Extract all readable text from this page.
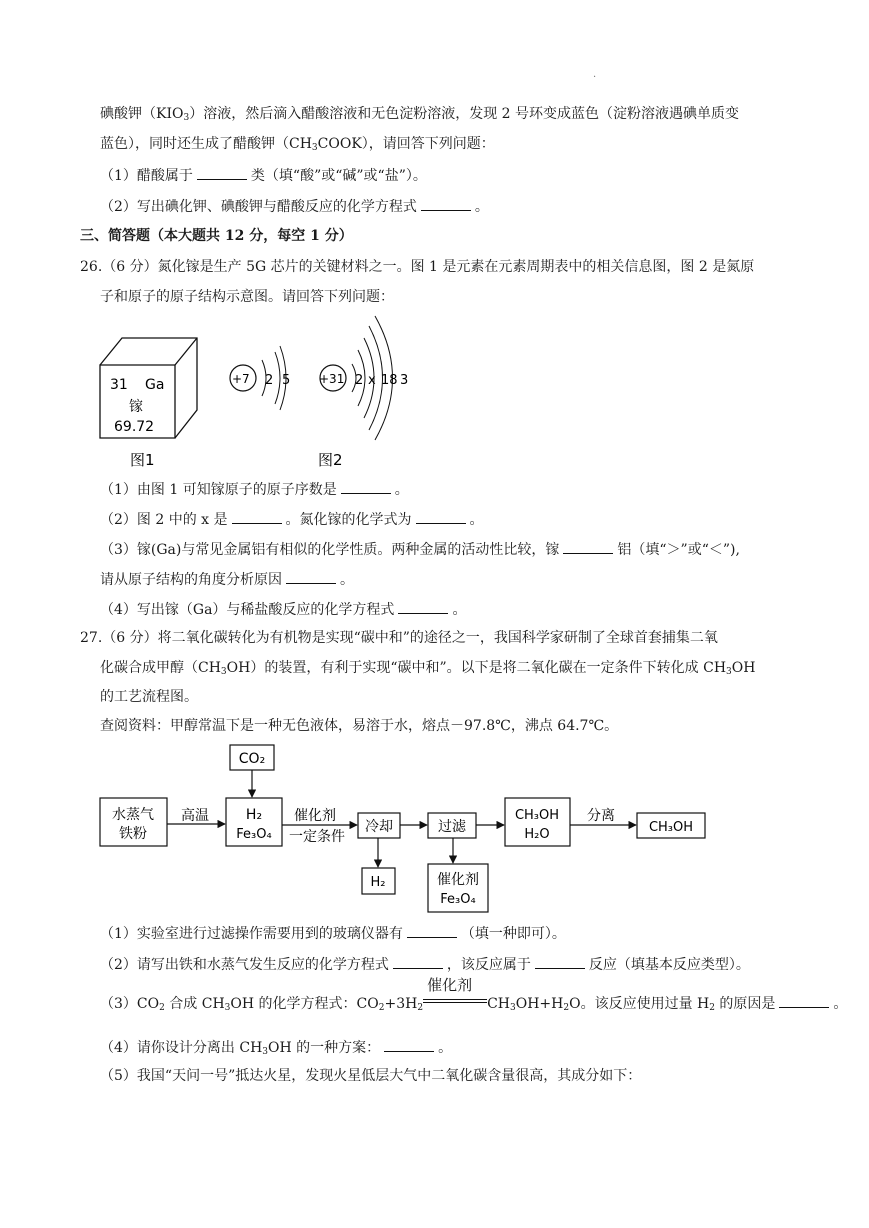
·
碘酸钾$(KIO_3)$溶液，然后滴入醋酸溶液和无色淀粉溶液，发现 2 号环变成蓝色（淀粉溶液遇碘单质变
蓝色），同时还生成了醋酸钾$(CH_3COOK)$，请回答下列问题：
（1）醋酸属于	类（填“酸”或“碱”或“盐”）。
（2）写出碘化钾、碘酸钾与醋酸反应的化学方程式	。
三、简答题（本大题共 12 分，每空 1 分）
26.（6 分）氮化镓是生产 5G 芯片的关键材料之一。图 1 是元素在元素周期表中的相关信息图，图 2 是氮原
子和原子的原子结构示意图。请回答下列问题：
31 Ga
镓
69.72
图1
+7 2 5 +31 2 x 18 3
图2
（1）由图 1 可知镓原子的原子序数是	。
（2）图 2 中的 x 是	。氮化镓的化学式为	。
（3）镓(Ga)与常见金属铝有相似的化学性质。两种金属的活动性比较，镓	铝（填“＞”或“＜”),
请从原子结构的角度分析原因	。
（4）写出镓（Ga）与稀盐酸反应的化学方程式	。
27.（6 分）将二氧化碳转化为有机物是实现“碳中和”的途径之一，我国科学家研制了全球首套捕集二氧
化碳合成甲醇$(CH_3OH)$的装置，有利于实现“碳中和”。以下是将二氧化碳在一定条件下转化成 $CH_3OH$
的工艺流程图。
查阅资料：甲醇常温下是一种无色液体，易溶于水，熔点－97.8℃，沸点 64.7℃。
CO₂
水蒸气
铁粉
高温	H₂
Fe₃O₄
催化剂
一定条件
冷却	过滤
CH₃OH
H₂O
分离
CH₃OH
H₂	催化剂
Fe₃O₄
（1）实验室进行过滤操作需要用到的玻璃仪器有	（填一种即可）。
（2）请写出铁和水蒸气发生反应的化学方程式	，该反应属于	反应（填基本反应类型）。
$(3)CO_2$ 合成 $CH_3OH$ 的化学方程式：$CO_2+3H_2$
催化剂
$CH_3OH+H_2O$。该反应使用过量 $H_2$ 的原因是	。
（4）请你设计分离出 $CH_3OH$ 的一种方案：	。
（5）我国“天问一号”抵达火星，发现火星低层大气中二氧化碳含量很高，其成分如下：
